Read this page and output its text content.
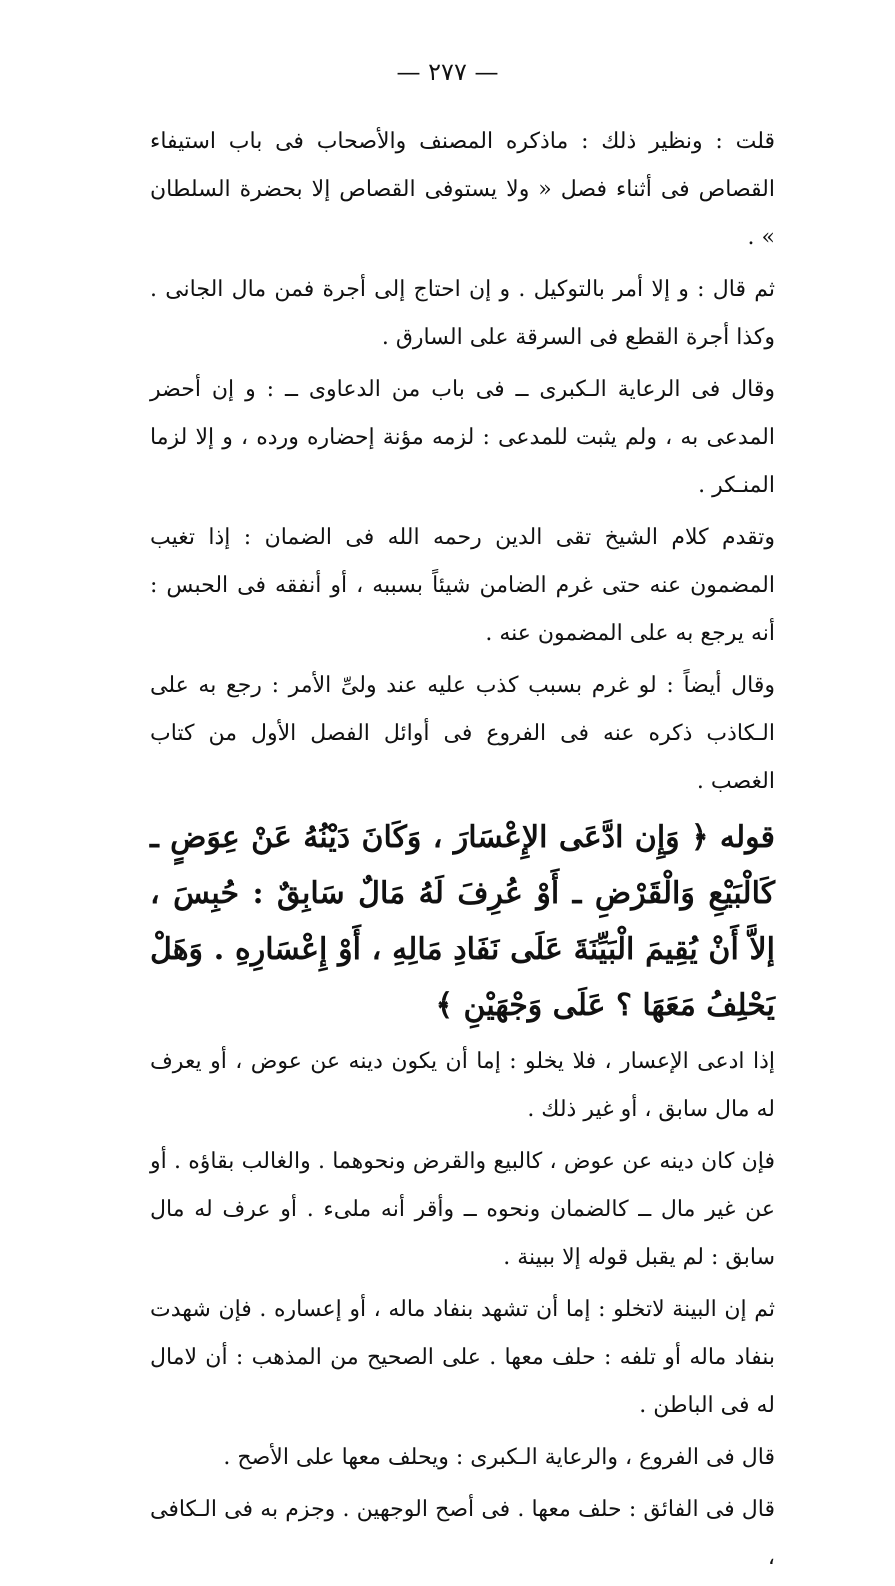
— ٢٧٧ —

قلت : ونظير ذلك : ماذكره المصنف والأصحاب فى باب استيفاء القصاص فى أثناء فصل « ولا يستوفى القصاص إلا بحضرة السلطان » .

ثم قال : و إلا أمر بالتوكيل . و إن احتاج إلى أجرة فمن مال الجانى . وكذا أجرة القطع فى السرقة على السارق .

وقال فى الرعاية الـكبرى ــ فى باب من الدعاوى ــ : و إن أحضر المدعى به ، ولم يثبت للمدعى : لزمه مؤنة إحضاره ورده ، و إلا لزما المنـكر .

وتقدم كلام الشيخ تقى الدين رحمه الله فى الضمان : إذا تغيب المضمون عنه حتى غرم الضامن شيئاً بسببه ، أو أنفقه فى الحبس : أنه يرجع به على المضمون عنه .

وقال أيضاً : لو غرم بسبب كذب عليه عند ولىِّ الأمر : رجع به على الـكاذب ذكره عنه فى الفروع فى أوائل الفصل الأول من كتاب الغصب .

قوله ﴿ وَإِن ادَّعَى الإِعْسَارَ ، وَكَانَ دَيْنُهُ عَنْ عِوَضٍ ـ كَالْبَيْعِ وَالْقَرْضِ ـ أَوْ عُرِفَ لَهُ مَالٌ سَابِقٌ : حُبِسَ ، إلاَّ أَنْ يُقِيمَ الْبَيِّنَةَ عَلَى نَفَادِ مَالِهِ ، أَوْ إِعْسَارِهِ . وَهَلْ يَحْلِفُ مَعَهَا ؟ عَلَى وَجْهَيْنِ ﴾

إذا ادعى الإعسار ، فلا يخلو : إما أن يكون دينه عن عوض ، أو يعرف له مال سابق ، أو غير ذلك .

فإن كان دينه عن عوض ، كالبيع والقرض ونحوهما . والغالب بقاؤه . أو عن غير مال ــ كالضمان ونحوه ــ وأقر أنه ملىء . أو عرف له مال سابق : لم يقبل قوله إلا ببينة .

ثم إن البينة لاتخلو : إما أن تشهد بنفاد ماله ، أو إعساره . فإن شهدت بنفاد ماله أو تلفه : حلف معها . على الصحيح من المذهب : أن لامال له فى الباطن .

قال فى الفروع ، والرعاية الـكبرى : ويحلف معها على الأصح .

قال فى الفائق : حلف معها . فى أصح الوجهين . وجزم به فى الـكافى ،
